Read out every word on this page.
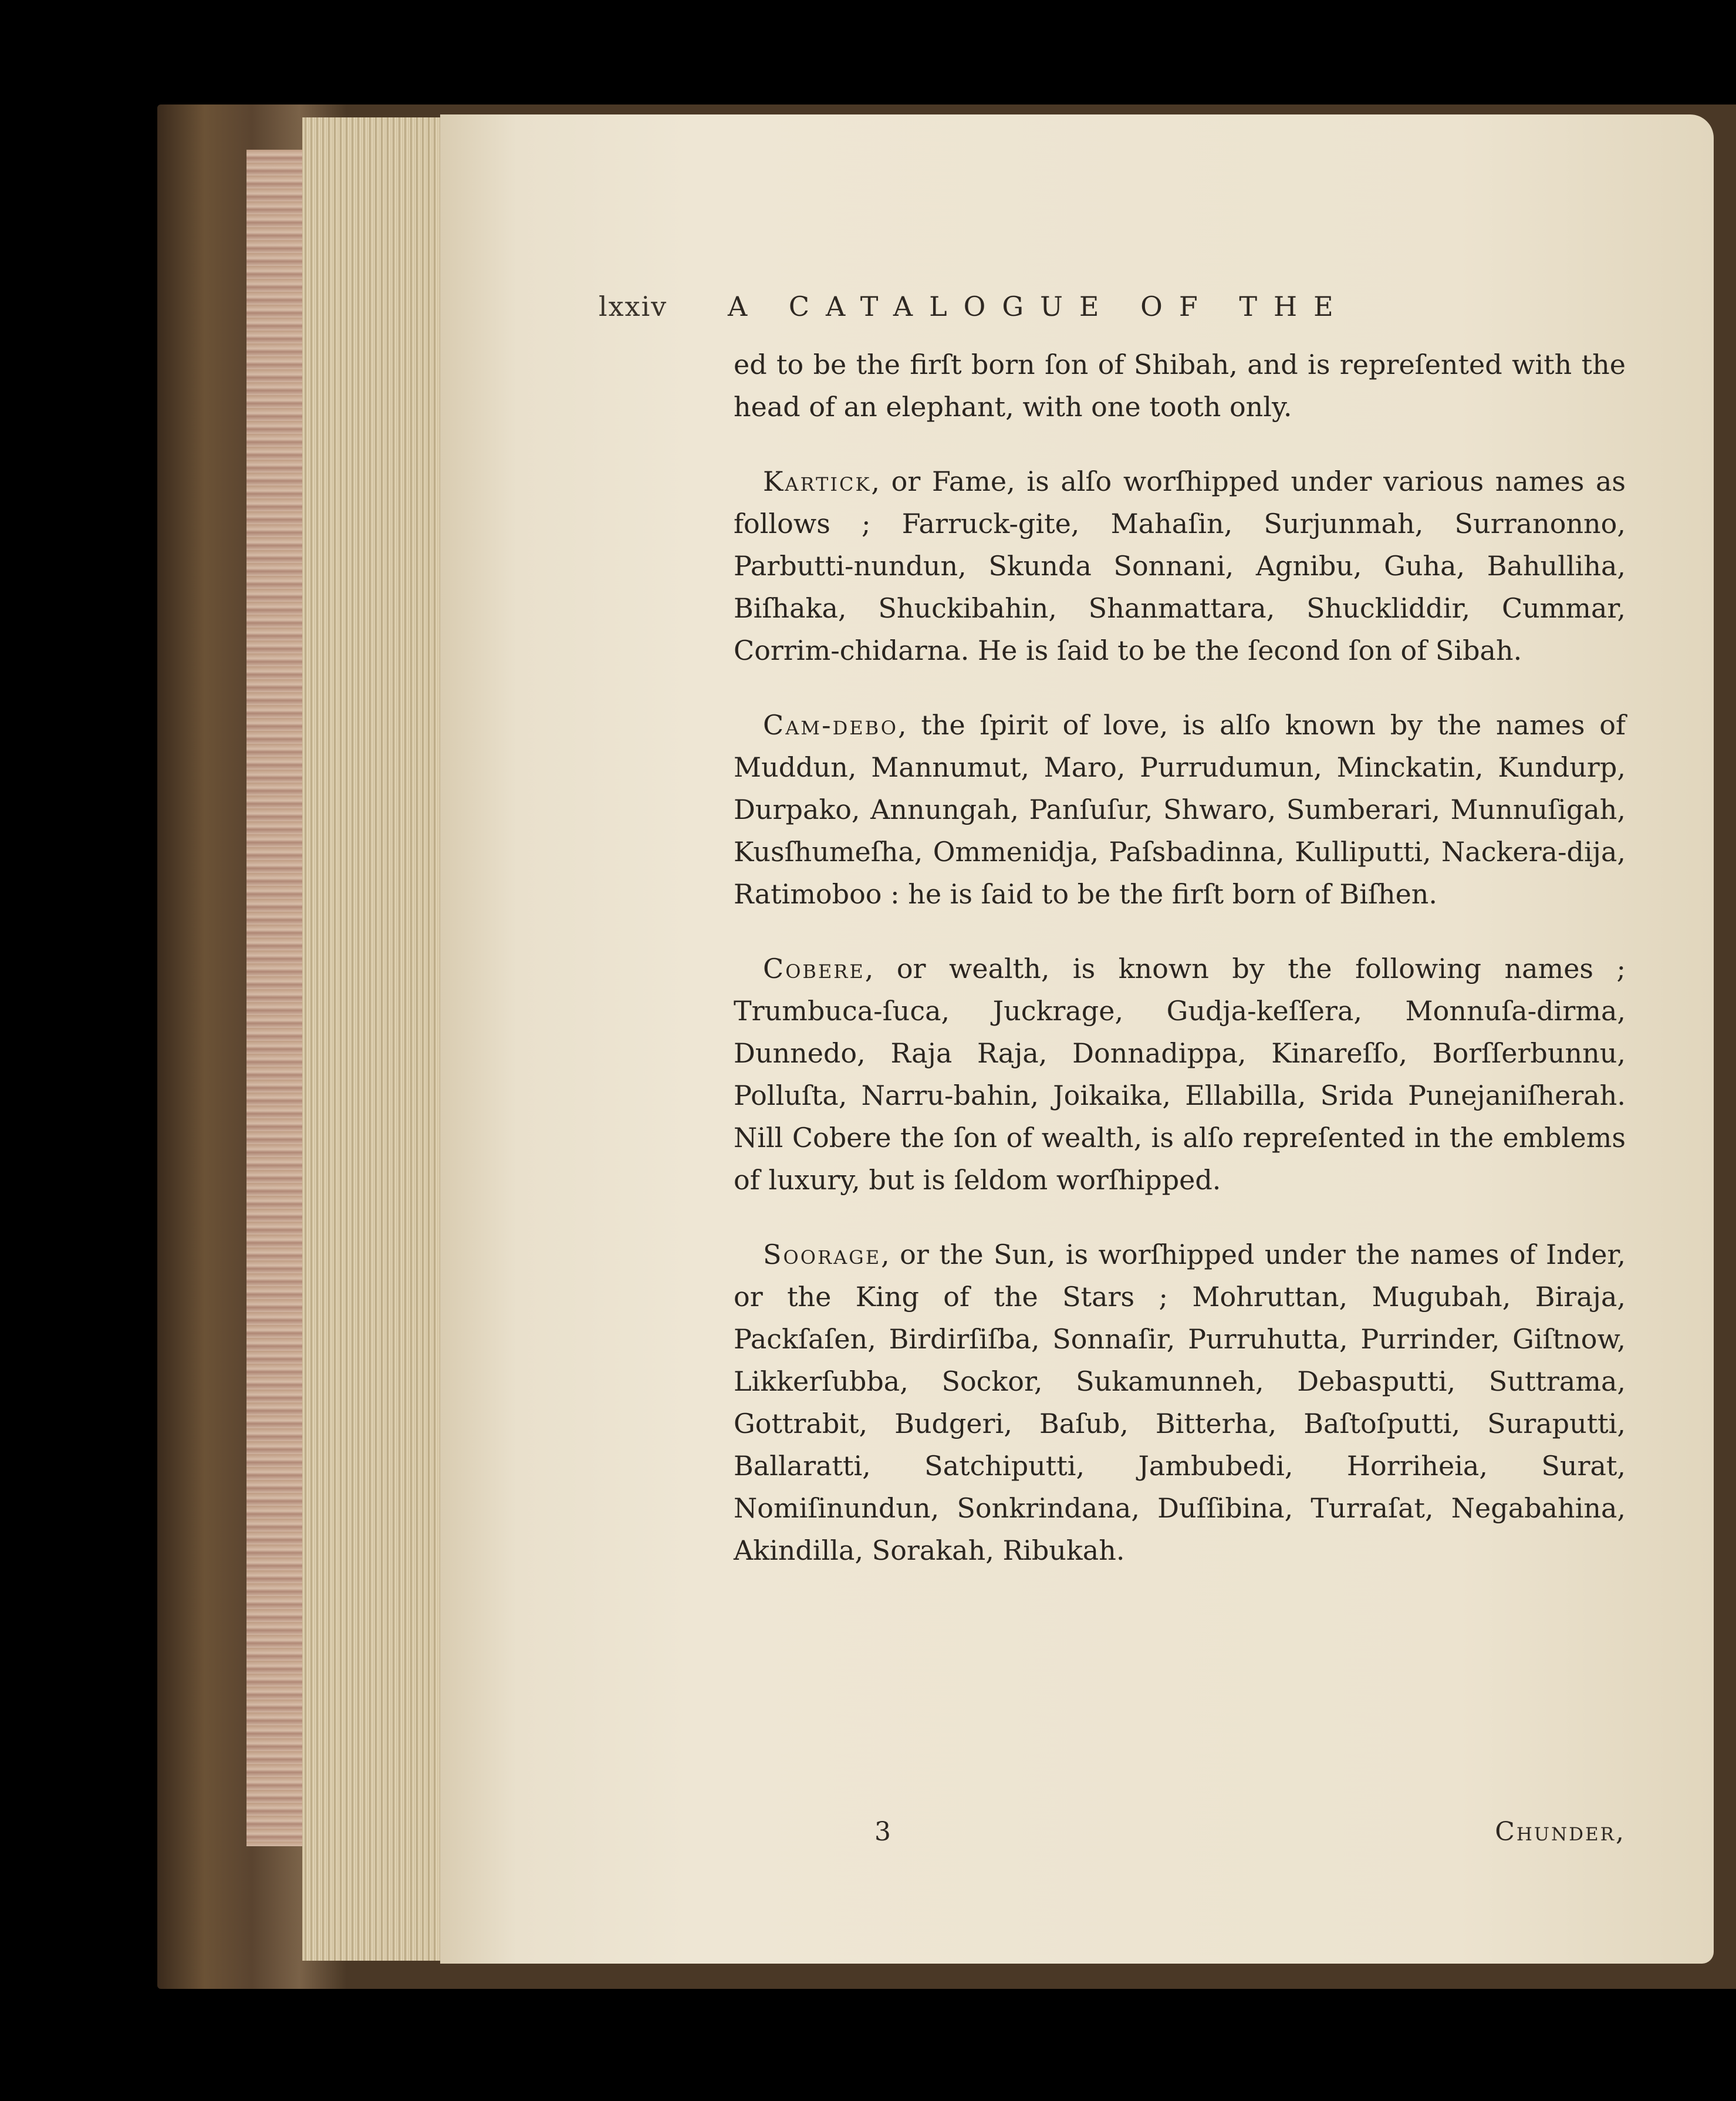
lxxiv A CATALOGUE OF THE

ed to be the firſt born ſon of Shibah, and is repreſented with the head of an elephant, with one tooth only.

Kartick, or Fame, is alſo worſhipped under various names as follows ; Farruck-gite, Mahaſin, Surjunmah, Surranonno, Parbutti-nundun, Skunda Sonnani, Agnibu, Guha, Bahulliha, Biſhaka, Shuckibahin, Shanmattara, Shuckliddir, Cummar, Corrim-chidarna. He is ſaid to be the ſecond ſon of Sibah.

Cam-debo, the ſpirit of love, is alſo known by the names of Muddun, Mannumut, Maro, Purrudumun, Minckatin, Kundurp, Durpako, Annungah, Panſuſur, Shwaro, Sumberari, Munnuſigah, Kusſhumeſha, Ommenidja, Paſsbadinna, Kulliputti, Nackera-dija, Ratimoboo : he is ſaid to be the firſt born of Biſhen.

Cobere, or wealth, is known by the following names ; Trumbuca-ſuca, Juckrage, Gudja-keſſera, Monnuſa-dirma, Dunnedo, Raja Raja, Donnadippa, Kinareſſo, Borſſerbunnu, Polluſta, Narru-bahin, Joikaika, Ellabilla, Srida Punejaniſherah. Nill Cobere the ſon of wealth, is alſo repreſented in the emblems of luxury, but is ſeldom worſhipped.

Soorage, or the Sun, is worſhipped under the names of Inder, or the King of the Stars ; Mohruttan, Mugubah, Biraja, Packſaſen, Birdirſiſba, Sonnaſir, Purruhutta, Purrinder, Giſtnow, Likkerſubba, Sockor, Sukamunneh, Debasputti, Suttrama, Gottrabit, Budgeri, Baſub, Bitterha, Baſtoſputti, Suraputti, Ballaratti, Satchiputti, Jambubedi, Horriheia, Surat, Nomiſinundun, Sonkrindana, Duſſibina, Turraſat, Negabahina, Akindilla, Sorakah, Ribukah.

3	Chunder,
